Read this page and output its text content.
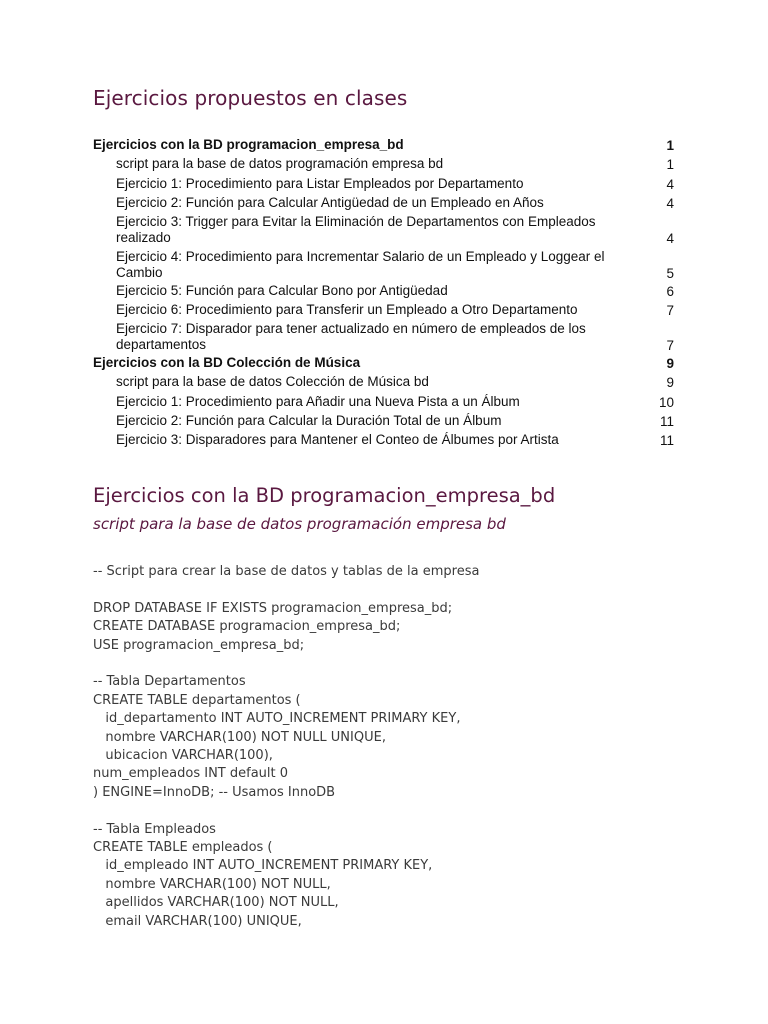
Ejercicios propuestos en clases
Ejercicios con la BD programacion_empresa_bd	1
script para la base de datos programación empresa bd	1
Ejercicio 1: Procedimiento para Listar Empleados por Departamento	4
Ejercicio 2: Función para Calcular Antigüedad de un Empleado en Años	4
Ejercicio 3: Trigger para Evitar la Eliminación de Departamentos con Empleados realizado	4
Ejercicio 4: Procedimiento para Incrementar Salario de un Empleado y Loggear el Cambio	5
Ejercicio 5: Función para Calcular Bono por Antigüedad	6
Ejercicio 6: Procedimiento para Transferir un Empleado a Otro Departamento	7
Ejercicio 7: Disparador para tener actualizado en número de empleados de los departamentos	7
Ejercicios con la BD Colección de Música	9
script para la base de datos Colección de Música bd	9
Ejercicio 1: Procedimiento para Añadir una Nueva Pista a un Álbum	10
Ejercicio 2: Función para Calcular la Duración Total de un Álbum	11
Ejercicio 3: Disparadores para Mantener el Conteo de Álbumes por Artista	11
Ejercicios con la BD programacion_empresa_bd
script para la base de datos programación empresa bd
-- Script para crear la base de datos y tablas de la empresa
DROP DATABASE IF EXISTS programacion_empresa_bd;
CREATE DATABASE programacion_empresa_bd;
USE programacion_empresa_bd;
-- Tabla Departamentos
CREATE TABLE departamentos (
id_departamento INT AUTO_INCREMENT PRIMARY KEY,
nombre VARCHAR(100) NOT NULL UNIQUE,
ubicacion VARCHAR(100),
num_empleados INT default 0
) ENGINE=InnoDB; -- Usamos InnoDB
-- Tabla Empleados
CREATE TABLE empleados (
id_empleado INT AUTO_INCREMENT PRIMARY KEY,
nombre VARCHAR(100) NOT NULL,
apellidos VARCHAR(100) NOT NULL,
email VARCHAR(100) UNIQUE,
